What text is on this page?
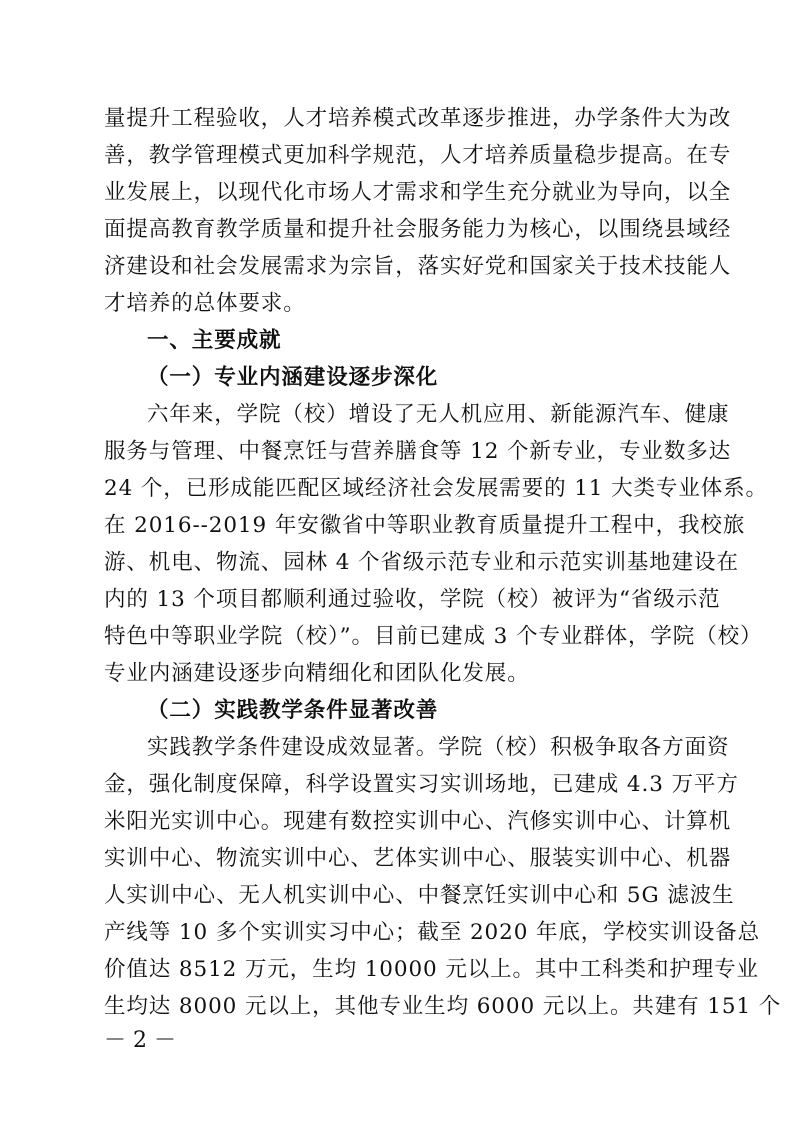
量提升工程验收，人才培养模式改革逐步推进，办学条件大为改
善，教学管理模式更加科学规范，人才培养质量稳步提高。在专
业发展上，以现代化市场人才需求和学生充分就业为导向，以全
面提高教育教学质量和提升社会服务能力为核心，以围绕县域经
济建设和社会发展需求为宗旨，落实好党和国家关于技术技能人
才培养的总体要求。
一、主要成就
（一）专业内涵建设逐步深化
六年来，学院（校）增设了无人机应用、新能源汽车、健康
服务与管理、中餐烹饪与营养膳食等 12 个新专业，专业数多达
24 个，已形成能匹配区域经济社会发展需要的 11 大类专业体系。
在 2016--2019 年安徽省中等职业教育质量提升工程中，我校旅
游、机电、物流、园林 4 个省级示范专业和示范实训基地建设在
内的 13 个项目都顺利通过验收，学院（校）被评为“省级示范
特色中等职业学院（校）”。目前已建成 3 个专业群体，学院（校）
专业内涵建设逐步向精细化和团队化发展。
（二）实践教学条件显著改善
实践教学条件建设成效显著。学院（校）积极争取各方面资
金，强化制度保障，科学设置实习实训场地，已建成 4.3 万平方
米阳光实训中心。现建有数控实训中心、汽修实训中心、计算机
实训中心、物流实训中心、艺体实训中心、服装实训中心、机器
人实训中心、无人机实训中心、中餐烹饪实训中心和 5G 滤波生
产线等 10 多个实训实习中心；截至 2020 年底，学校实训设备总
价值达 8512 万元，生均 10000 元以上。其中工科类和护理专业
生均达 8000 元以上，其他专业生均 6000 元以上。共建有 151 个
－ 2 －
